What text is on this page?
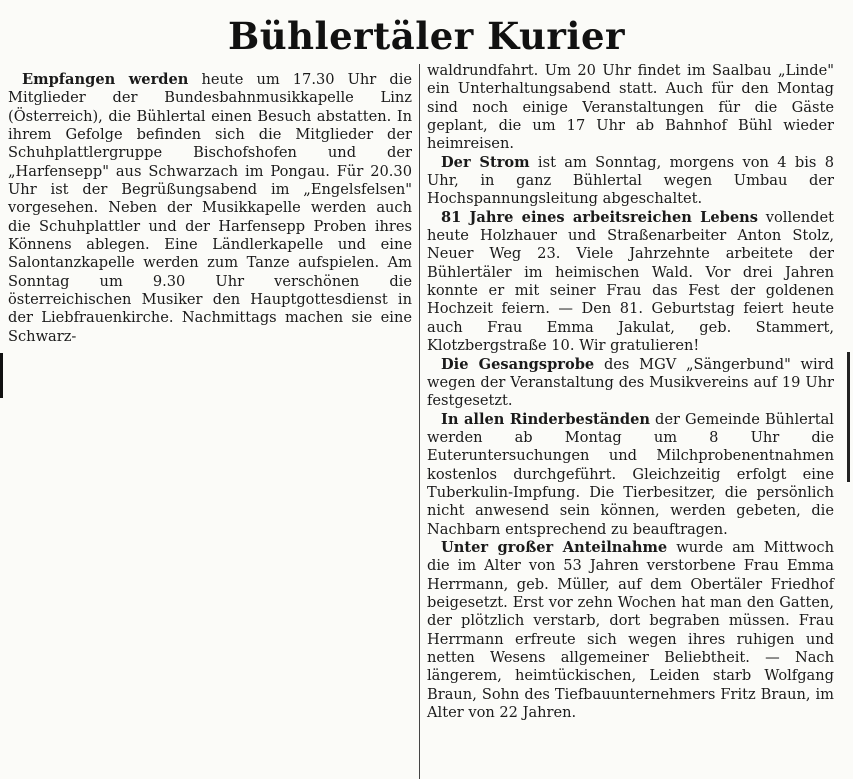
Bühlertäler Kurier

Empfangen werden heute um 17.30 Uhr die Mitglieder der Bundesbahnmusikkapelle Linz (Österreich), die Bühlertal einen Besuch abstatten. In ihrem Gefolge befinden sich die Mitglieder der Schuhplattlergruppe Bischofshofen und der „Harfensepp" aus Schwarzach im Pongau. Für 20.30 Uhr ist der Begrüßungsabend im „Engelsfelsen" vorgesehen. Neben der Musikkapelle werden auch die Schuhplattler und der Harfensepp Proben ihres Könnens ablegen. Eine Ländlerkapelle und eine Salontanzkapelle werden zum Tanze aufspielen. Am Sonntag um 9.30 Uhr verschönen die österreichischen Musiker den Hauptgottesdienst in der Liebfrauenkirche. Nachmittags machen sie eine Schwarz-

waldrundfahrt. Um 20 Uhr findet im Saalbau „Linde" ein Unterhaltungsabend statt. Auch für den Montag sind noch einige Veranstaltungen für die Gäste geplant, die um 17 Uhr ab Bahnhof Bühl wieder heimreisen.

Der Strom ist am Sonntag, morgens von 4 bis 8 Uhr, in ganz Bühlertal wegen Umbau der Hochspannungsleitung abgeschaltet.

81 Jahre eines arbeitsreichen Lebens vollendet heute Holzhauer und Straßenarbeiter Anton Stolz, Neuer Weg 23. Viele Jahrzehnte arbeitete der Bühlertäler im heimischen Wald. Vor drei Jahren konnte er mit seiner Frau das Fest der goldenen Hochzeit feiern. — Den 81. Geburtstag feiert heute auch Frau Emma Jakulat, geb. Stammert, Klotzbergstraße 10. Wir gratulieren!

Die Gesangsprobe des MGV „Sängerbund" wird wegen der Veranstaltung des Musikvereins auf 19 Uhr festgesetzt.

In allen Rinderbeständen der Gemeinde Bühlertal werden ab Montag um 8 Uhr die Euteruntersuchungen und Milchprobenentnahmen kostenlos durchgeführt. Gleichzeitig erfolgt eine Tuberkulin-Impfung. Die Tierbesitzer, die persönlich nicht anwesend sein können, werden gebeten, die Nachbarn entsprechend zu beauftragen.

Unter großer Anteilnahme wurde am Mittwoch die im Alter von 53 Jahren verstorbene Frau Emma Herrmann, geb. Müller, auf dem Obertäler Friedhof beigesetzt. Erst vor zehn Wochen hat man den Gatten, der plötzlich verstarb, dort begraben müssen. Frau Herrmann erfreute sich wegen ihres ruhigen und netten Wesens allgemeiner Beliebtheit. — Nach längerem, heimtückischen, Leiden starb Wolfgang Braun, Sohn des Tiefbauunternehmers Fritz Braun, im Alter von 22 Jahren.
